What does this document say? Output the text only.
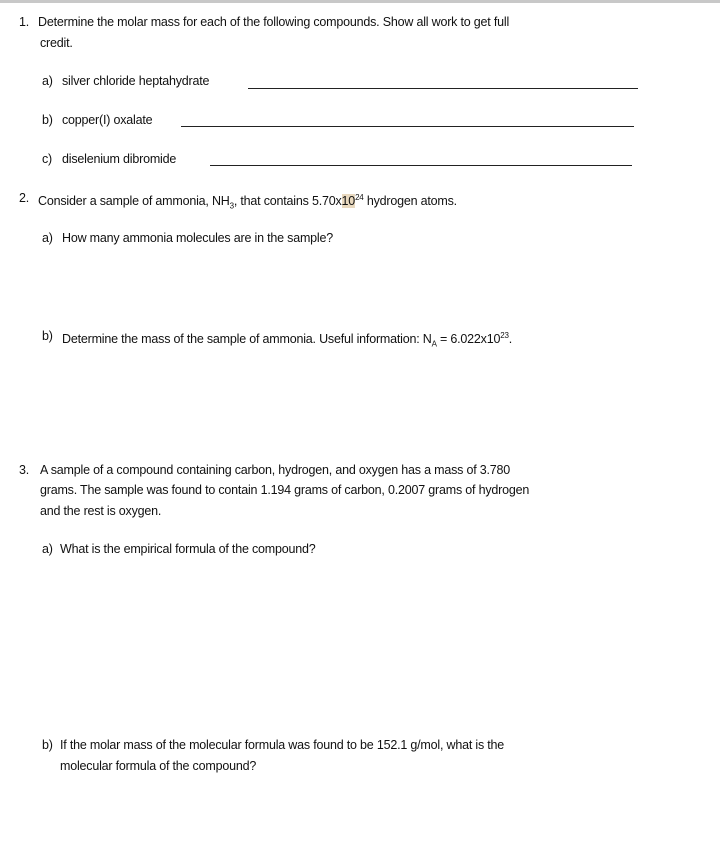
1. Determine the molar mass for each of the following compounds. Show all work to get full
credit.
a) silver chloride heptahydrate
b) copper(I) oxalate
c) diselenium dibromide
2. Consider a sample of ammonia, $NH_3$, that contains $5.70x10^{24}$ hydrogen atoms.
a) How many ammonia molecules are in the sample?
b) Determine the mass of the sample of ammonia. Useful information: $N_A = 6.022x10^{23}$.
3. A sample of a compound containing carbon, hydrogen, and oxygen has a mass of 3.780
grams. The sample was found to contain 1.194 grams of carbon, 0.2007 grams of hydrogen
and the rest is oxygen.
a) What is the empirical formula of the compound?
b) If the molar mass of the molecular formula was found to be 152.1 g/mol, what is the
molecular formula of the compound?
